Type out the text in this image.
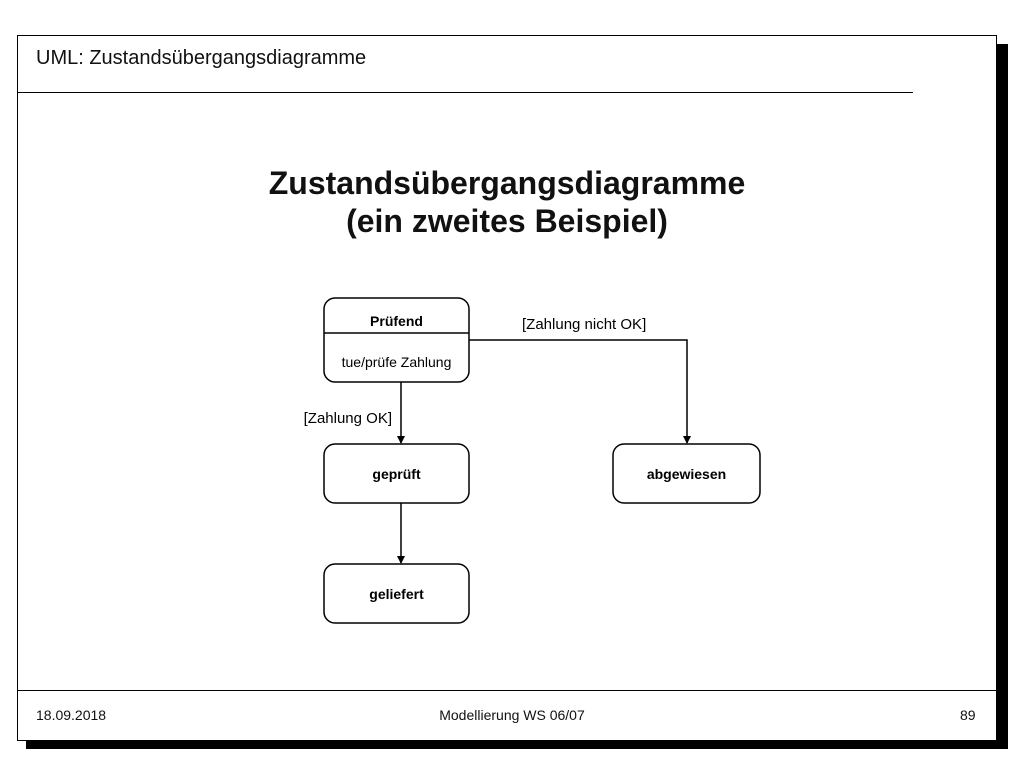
UML: Zustandsübergangsdiagramme
Zustandsübergangsdiagramme
(ein zweites Beispiel)
Prüfend
tue/prüfe Zahlung
geprüft	abgewiesen
geliefert
[Zahlung OK]
[Zahlung nicht OK]
18.09.2018	Modellierung WS 06/07	89
